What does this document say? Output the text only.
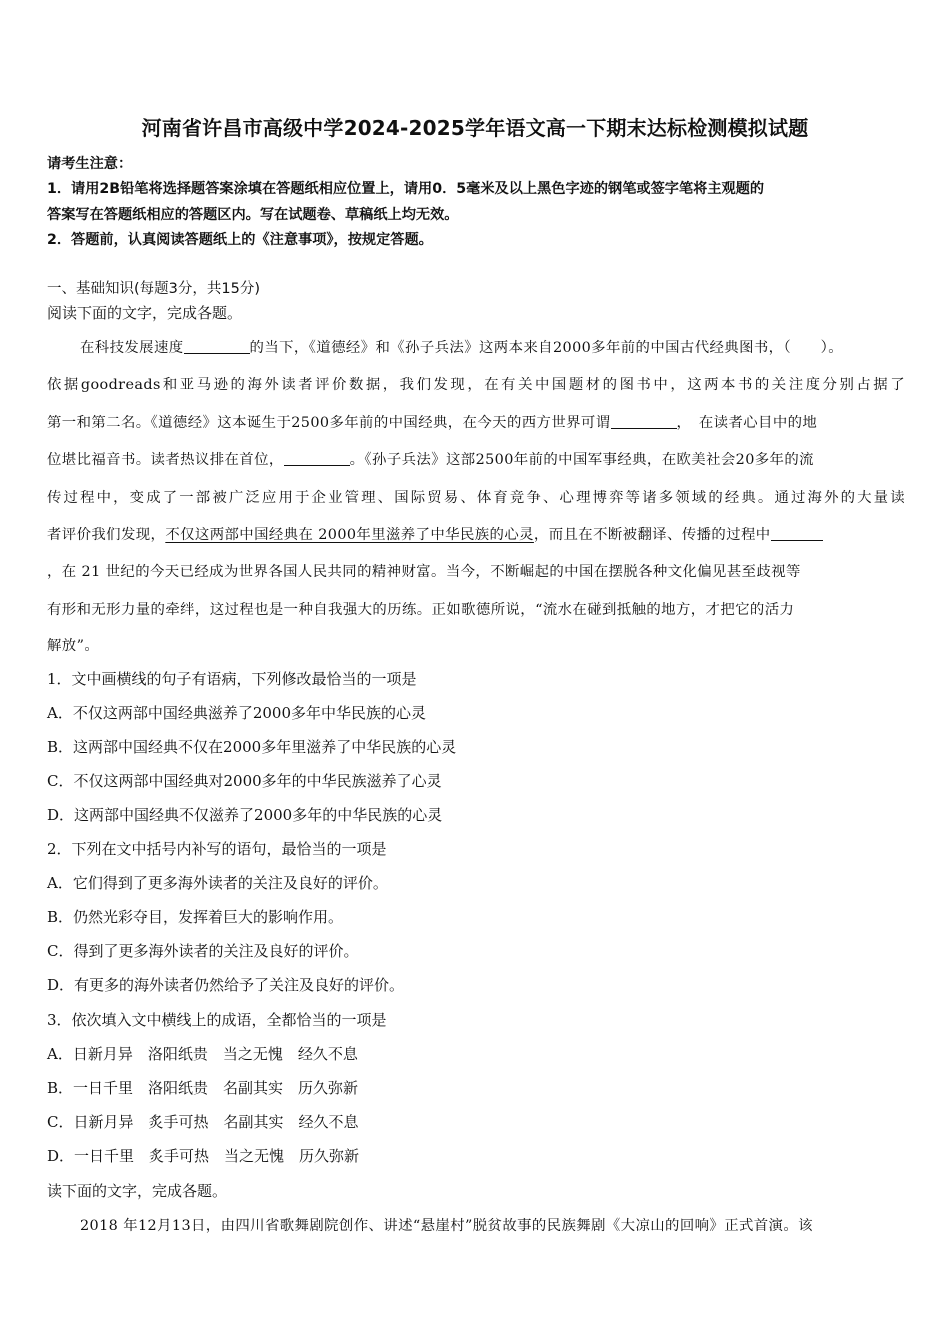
河南省许昌市高级中学2024-2025学年语文高一下期末达标检测模拟试题
请考生注意：
1．请用2B铅笔将选择题答案涂填在答题纸相应位置上，请用0．5毫米及以上黑色字迹的钢笔或签字笔将主观题的
答案写在答题纸相应的答题区内。写在试题卷、草稿纸上均无效。
2．答题前，认真阅读答题纸上的《注意事项》，按规定答题。
一、基础知识(每题3分，共15分)
阅读下面的文字，完成各题。
在科技发展速度	的当下，《道德经》和《孙子兵法》这两本来自2000多年前的中国古代经典图书，（　　）。
依据goodreads和亚马逊的海外读者评价数据，我们发现，在有关中国题材的图书中，这两本书的关注度分别占据了
第一和第二名。《道德经》这本诞生于2500多年前的中国经典，在今天的西方世界可谓	，　在读者心目中的地
位堪比福音书。读者热议排在首位，	。《孙子兵法》这部2500年前的中国军事经典，在欧美社会20多年的流
传过程中，变成了一部被广泛应用于企业管理、国际贸易、体育竞争、心理博弈等诸多领域的经典。通过海外的大量读
者评价我们发现，不仅这两部中国经典在 2000年里滋养了中华民族的心灵，而且在不断被翻译、传播的过程中
，在 21 世纪的今天已经成为世界各国人民共同的精神财富。当今，不断崛起的中国在摆脱各种文化偏见甚至歧视等
有形和无形力量的牵绊，这过程也是一种自我强大的历练。正如歌德所说，“流水在碰到抵触的地方，才把它的活力
解放”。
1．文中画横线的句子有语病，下列修改最恰当的一项是
A．不仅这两部中国经典滋养了2000多年中华民族的心灵
B．这两部中国经典不仅在2000多年里滋养了中华民族的心灵
C．不仅这两部中国经典对2000多年的中华民族滋养了心灵
D．这两部中国经典不仅滋养了2000多年的中华民族的心灵
2．下列在文中括号内补写的语句，最恰当的一项是
A．它们得到了更多海外读者的关注及良好的评价。
B．仍然光彩夺目，发挥着巨大的影响作用。
C．得到了更多海外读者的关注及良好的评价。
D．有更多的海外读者仍然给予了关注及良好的评价。
3．依次填入文中横线上的成语，全都恰当的一项是
A．日新月异　洛阳纸贵　当之无愧　经久不息
B．一日千里　洛阳纸贵　名副其实　历久弥新
C．日新月异　炙手可热　名副其实　经久不息
D．一日千里　炙手可热　当之无愧　历久弥新
读下面的文字，完成各题。
2018 年12月13日，由四川省歌舞剧院创作、讲述“悬崖村”脱贫故事的民族舞剧《大凉山的回响》正式首演。该
